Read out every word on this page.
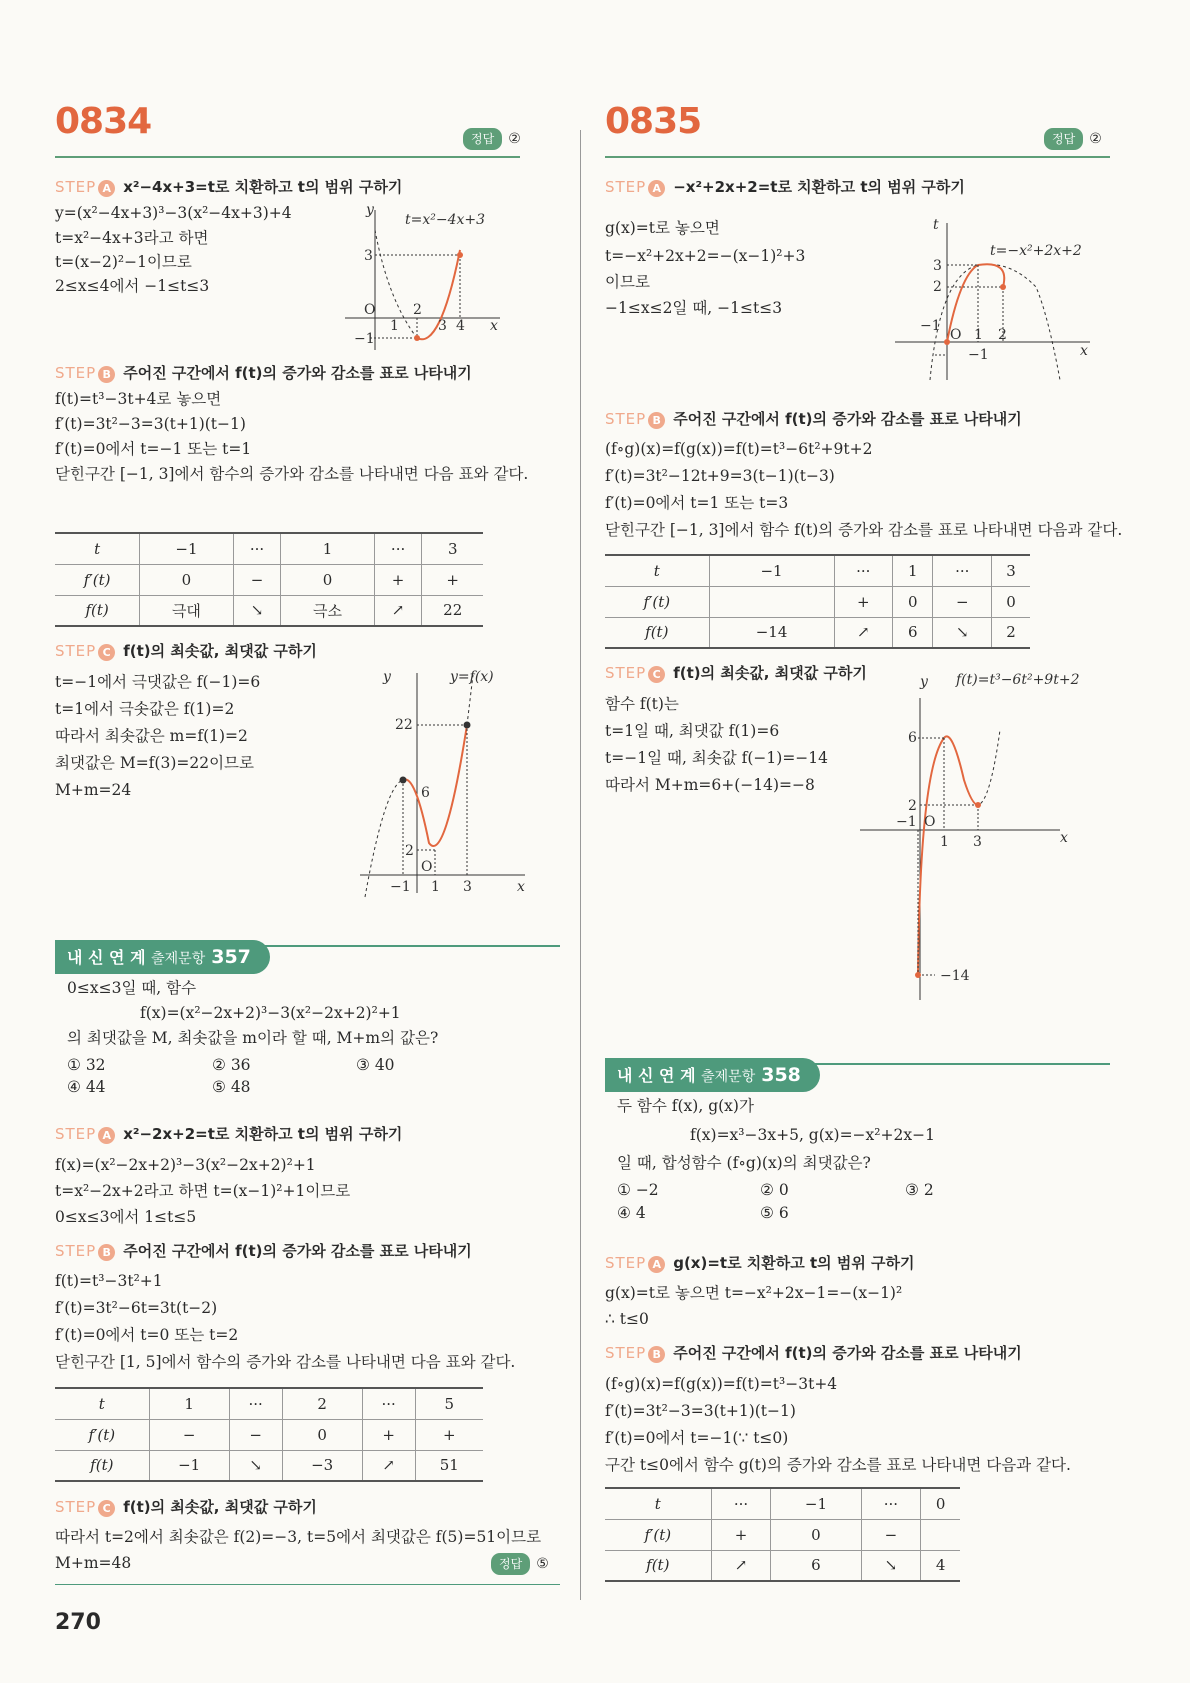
0834	정답 ②
STEP A x²−4x+3=t로 치환하고 t의 범위 구하기
y=(x²−4x+3)³−3(x²−4x+3)+4
t=x²−4x+3라고 하면
t=(x−2)²−1이므로
2≤x≤4에서 −1≤t≤3
y
x
O
t=x²−4x+3
1
2
3 4
3
−1
STEP B 주어진 구간에서 f(t)의 증가와 감소를 표로 나타내기
f(t)=t³−3t+4로 놓으면
f′(t)=3t²−3=3(t+1)(t−1)
f′(t)=0에서 t=−1 또는 t=1
닫힌구간 [−1, 3]에서 함수의 증가와 감소를 나타내면 다음 표와 같다.
t	−1	···	1	···	3
f′(t)	0	−	0	+	+
f(t)	극대	↘	극소	↗	22
STEP C f(t)의 최솟값, 최댓값 구하기
t=−1에서 극댓값은 f(−1)=6
t=1에서 극솟값은 f(1)=2
따라서 최솟값은 m=f(1)=2
최댓값은 M=f(3)=22이므로
M+m=24
y
x
O
y=f(x)
22
6
2
−1 1 3
내 신 연 계 출제문항 357
0≤x≤3일 때, 함수
f(x)=(x²−2x+2)³−3(x²−2x+2)²+1
의 최댓값을 M, 최솟값을 m이라 할 때, M+m의 값은?
① 32	② 36	③ 40
④ 44	⑤ 48
STEP A x²−2x+2=t로 치환하고 t의 범위 구하기
f(x)=(x²−2x+2)³−3(x²−2x+2)²+1
t=x²−2x+2라고 하면 t=(x−1)²+1이므로
0≤x≤3에서 1≤t≤5
STEP B 주어진 구간에서 f(t)의 증가와 감소를 표로 나타내기
f(t)=t³−3t²+1
f′(t)=3t²−6t=3t(t−2)
f′(t)=0에서 t=0 또는 t=2
닫힌구간 [1, 5]에서 함수의 증가와 감소를 나타내면 다음 표와 같다.
t	1	···	2	···	5
f′(t)	−	−	0	+	+
f(t)	−1	↘	−3	↗	51
STEP C f(t)의 최솟값, 최댓값 구하기
따라서 t=2에서 최솟값은 f(2)=−3, t=5에서 최댓값은 f(5)=51이므로
M+m=48	정답 ⑤
270
0835	정답 ②
STEP A −x²+2x+2=t로 치환하고 t의 범위 구하기
g(x)=t로 놓으면
t=−x²+2x+2=−(x−1)²+3
이므로
−1≤x≤2일 때, −1≤t≤3
t
x
O
t=−x²+2x+2
3
2
−1
1 2
−1
STEP B 주어진 구간에서 f(t)의 증가와 감소를 표로 나타내기
(f∘g)(x)=f(g(x))=f(t)=t³−6t²+9t+2
f′(t)=3t²−12t+9=3(t−1)(t−3)
f′(t)=0에서 t=1 또는 t=3
닫힌구간 [−1, 3]에서 함수 f(t)의 증가와 감소를 표로 나타내면 다음과 같다.
t	−1	···	1	···	3
f′(t)		+	0	−	0
f(t)	−14	↗	6	↘	2
STEP C f(t)의 최솟값, 최댓값 구하기
함수 f(t)는
t=1일 때, 최댓값 f(1)=6
t=−1일 때, 최솟값 f(−1)=−14
따라서 M+m=6+(−14)=−8
y
x
O
f(t)=t³−6t²+9t+2
6
2
−1
1 3
−14
내 신 연 계 출제문항 358
두 함수 f(x), g(x)가
f(x)=x³−3x+5, g(x)=−x²+2x−1
일 때, 합성함수 (f∘g)(x)의 최댓값은?
① −2	② 0	③ 2
④ 4	⑤ 6
STEP A g(x)=t로 치환하고 t의 범위 구하기
g(x)=t로 놓으면 t=−x²+2x−1=−(x−1)²
∴ t≤0
STEP B 주어진 구간에서 f(t)의 증가와 감소를 표로 나타내기
(f∘g)(x)=f(g(x))=f(t)=t³−3t+4
f′(t)=3t²−3=3(t+1)(t−1)
f′(t)=0에서 t=−1(∵ t≤0)
구간 t≤0에서 함수 g(t)의 증가와 감소를 표로 나타내면 다음과 같다.
t	···	−1	···	0
f′(t)	+	0	−	
f(t)	↗	6	↘	4
